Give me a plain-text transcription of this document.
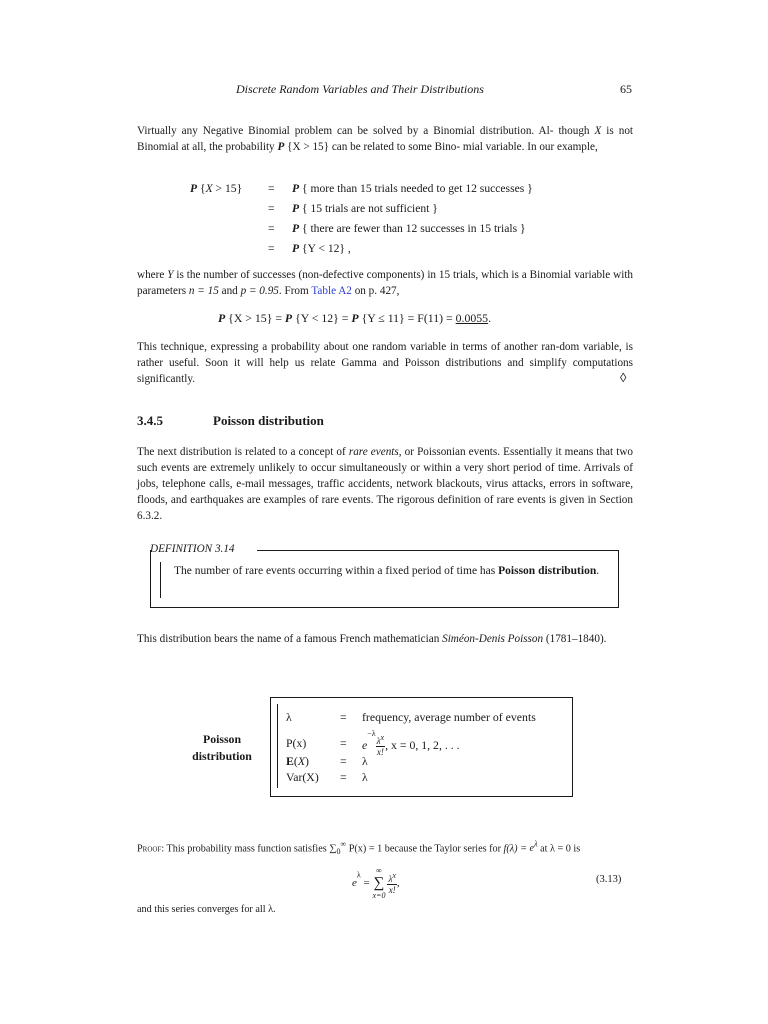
Discrete Random Variables and Their Distributions	65

Virtually any Negative Binomial problem can be solved by a Binomial distribution. Al- though X is not Binomial at all, the probability P {X > 15} can be related to some Bino- mial variable. In our example,

P {X > 15} = P { more than 15 trials needed to get 12 successes }
= P { 15 trials are not sufficient }
= P { there are fewer than 12 successes in 15 trials }
= P {Y < 12} ,

where Y is the number of successes (non-defective components) in 15 trials, which is a Binomial variable with parameters n = 15 and p = 0.95. From Table A2 on p. 427,

P {X > 15} = P {Y < 12} = P {Y ≤ 11} = F(11) = 0.0055.

This technique, expressing a probability about one random variable in terms of another ran-dom variable, is rather useful. Soon it will help us relate Gamma and Poisson distributions and simplify computations significantly.	◊
3.4.5	Poisson distribution

The next distribution is related to a concept of rare events, or Poissonian events. Essentially it means that two such events are extremely unlikely to occur simultaneously or within a very short period of time. Arrivals of jobs, telephone calls, e-mail messages, traffic accidents, network blackouts, virus attacks, errors in software, floods, and earthquakes are examples of rare events. The rigorous definition of rare events is given in Section 6.3.2.

DEFINITION 3.14
The number of rare events occurring within a fixed period of time has Poisson distribution.

This distribution bears the name of a famous French mathematician Siméon-Denis Poisson (1781–1840).

Poisson
distribution
λ	= frequency, average number of events
P(x)	= $e^{-\lambda} \frac{\lambda^x}{x!}$ , x = 0, 1, 2, . . .
E(X)	= λ
Var(X) = λ
Proof: This probability mass function satisfies $\sum_0^\infty$ P(x) = 1 because the Taylor series for $f(\lambda) = e^\lambda$ at λ = 0 is
$e^\lambda$ =
∞
∑
x=0
$\frac{\lambda^x}{x!}$ ,	(3.13)
and this series converges for all λ.
